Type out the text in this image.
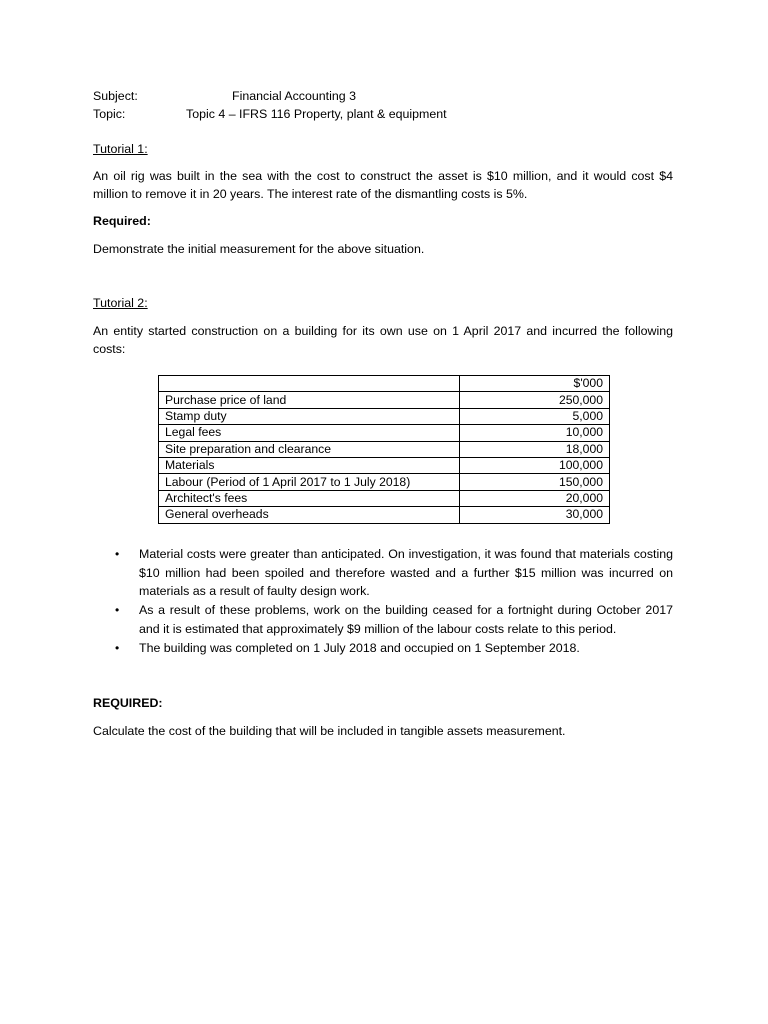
Subject:	Financial Accounting 3
Topic:	Topic 4 – IFRS 116 Property, plant & equipment
Tutorial 1:
An oil rig was built in the sea with the cost to construct the asset is $10 million, and it would cost $4 million to remove it in 20 years. The interest rate of the dismantling costs is 5%.
Required:
Demonstrate the initial measurement for the above situation.
Tutorial 2:
An entity started construction on a building for its own use on 1 April 2017 and incurred the following costs:
	$'000
Purchase price of land	250,000
Stamp duty	5,000
Legal fees	10,000
Site preparation and clearance	18,000
Materials	100,000
Labour (Period of 1 April 2017 to 1 July 2018)	150,000
Architect's fees	20,000
General overheads	30,000
• Material costs were greater than anticipated. On investigation, it was found that materials costing $10 million had been spoiled and therefore wasted and a further $15 million was incurred on materials as a result of faulty design work.
• As a result of these problems, work on the building ceased for a fortnight during October 2017 and it is estimated that approximately $9 million of the labour costs relate to this period.
• The building was completed on 1 July 2018 and occupied on 1 September 2018.
REQUIRED:
Calculate the cost of the building that will be included in tangible assets measurement.
